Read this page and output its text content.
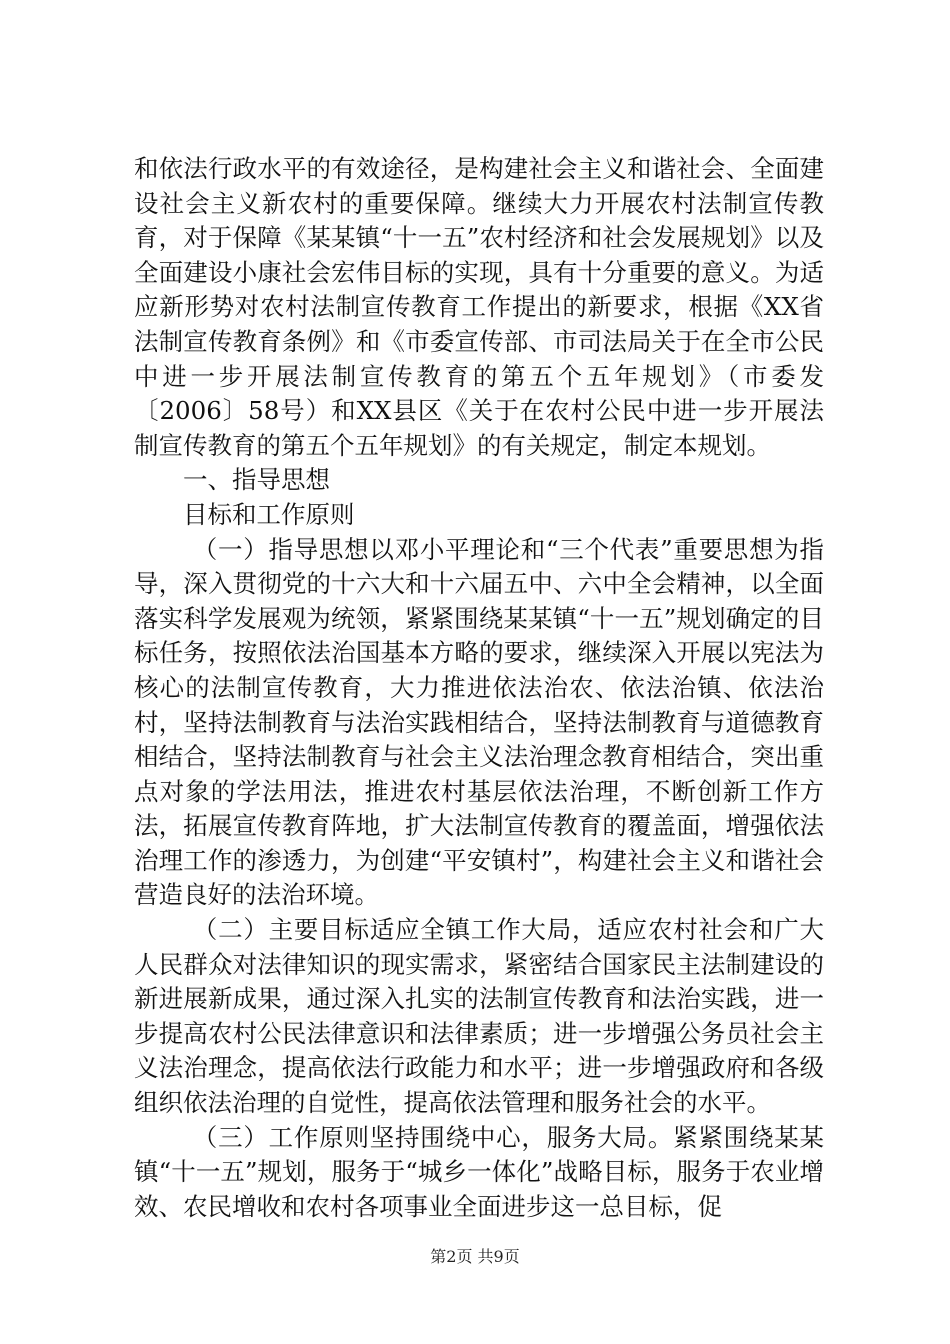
和依法行政水平的有效途径，是构建社会主义和谐社会、全面建设社会主义新农村的重要保障。继续大力开展农村法制宣传教育，对于保障《某某镇“十一五”农村经济和社会发展规划》以及全面建设小康社会宏伟目标的实现，具有十分重要的意义。为适应新形势对农村法制宣传教育工作提出的新要求，根据《XX省法制宣传教育条例》和《市委宣传部、市司法局关于在全市公民中进一步开展法制宣传教育的第五个五年规划》（市委发〔2006〕58号）和XX县区《关于在农村公民中进一步开展法制宣传教育的第五个五年规划》的有关规定，制定本规划。

一、指导思想

目标和工作原则

（一）指导思想以邓小平理论和“三个代表”重要思想为指导，深入贯彻党的十六大和十六届五中、六中全会精神，以全面落实科学发展观为统领，紧紧围绕某某镇“十一五”规划确定的目标任务，按照依法治国基本方略的要求，继续深入开展以宪法为核心的法制宣传教育，大力推进依法治农、依法治镇、依法治村，坚持法制教育与法治实践相结合，坚持法制教育与道德教育相结合，坚持法制教育与社会主义法治理念教育相结合，突出重点对象的学法用法，推进农村基层依法治理，不断创新工作方法，拓展宣传教育阵地，扩大法制宣传教育的覆盖面，增强依法治理工作的渗透力，为创建“平安镇村”，构建社会主义和谐社会营造良好的法治环境。

（二）主要目标适应全镇工作大局，适应农村社会和广大人民群众对法律知识的现实需求，紧密结合国家民主法制建设的新进展新成果，通过深入扎实的法制宣传教育和法治实践，进一步提高农村公民法律意识和法律素质；进一步增强公务员社会主义法治理念，提高依法行政能力和水平；进一步增强政府和各级组织依法治理的自觉性，提高依法管理和服务社会的水平。

（三）工作原则坚持围绕中心，服务大局。紧紧围绕某某镇“十一五”规划，服务于“城乡一体化”战略目标，服务于农业增效、农民增收和农村各项事业全面进步这一总目标，促

第2页 共9页
